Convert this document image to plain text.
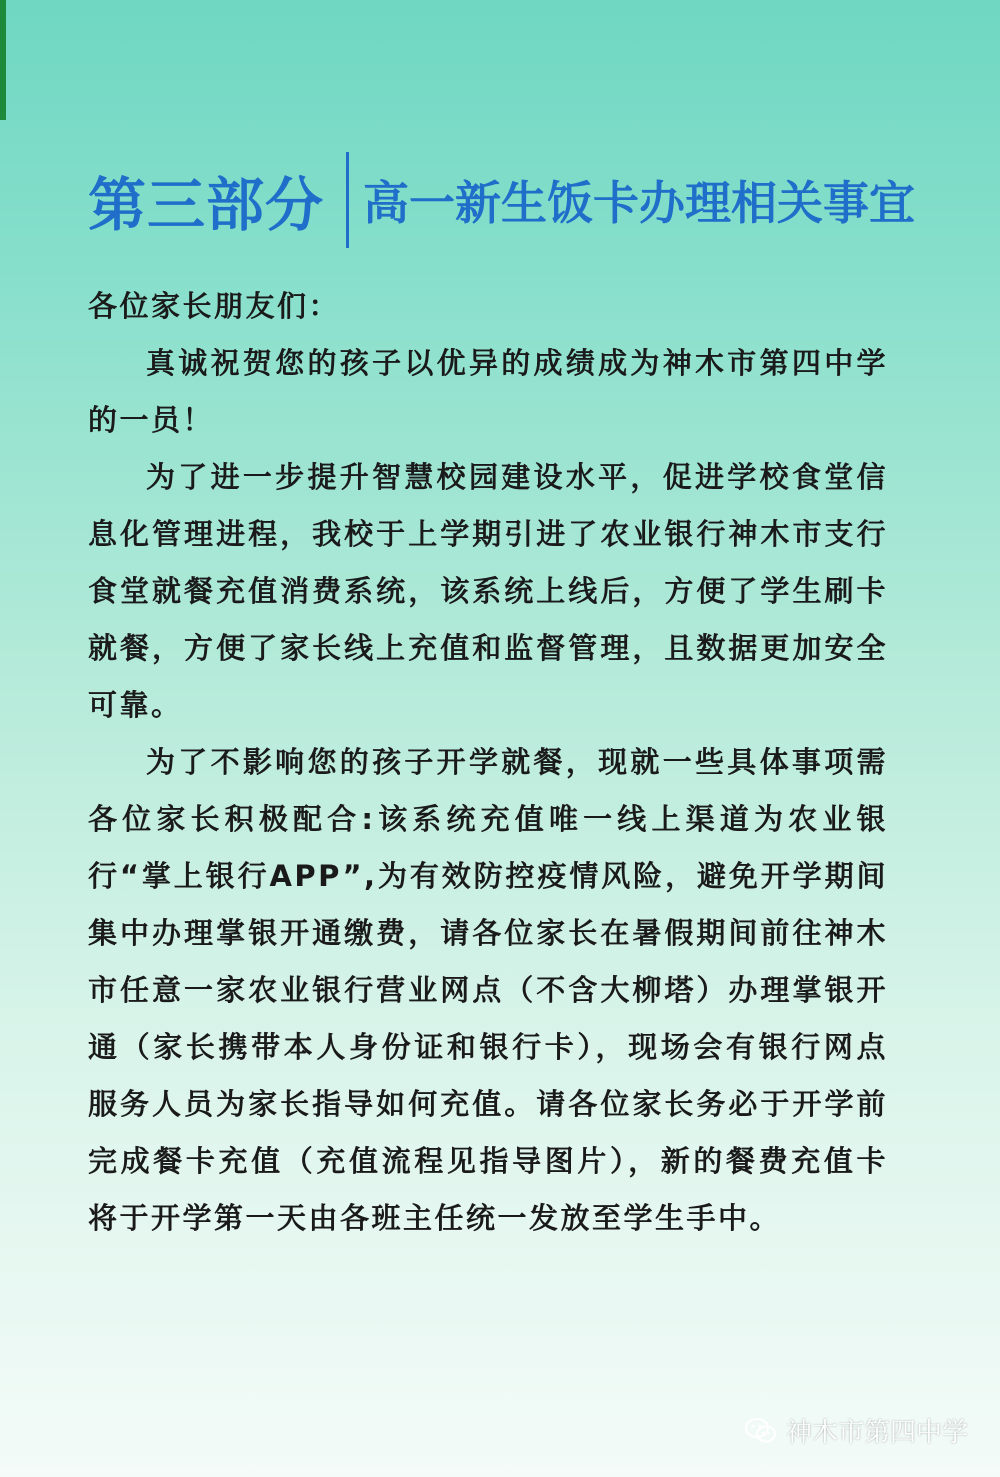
第三部分 高一新生饭卡办理相关事宜

各位家长朋友们：

真诚祝贺您的孩子以优异的成绩成为神木市第四中学的一员！

为了进一步提升智慧校园建设水平，促进学校食堂信息化管理进程，我校于上学期引进了农业银行神木市支行食堂就餐充值消费系统，该系统上线后，方便了学生刷卡就餐，方便了家长线上充值和监督管理，且数据更加安全可靠。

为了不影响您的孩子开学就餐，现就一些具体事项需各位家长积极配合:该系统充值唯一线上渠道为农业银行“掌上银行APP”,为有效防控疫情风险，避免开学期间集中办理掌银开通缴费，请各位家长在暑假期间前往神木市任意一家农业银行营业网点（不含大柳塔）办理掌银开通（家长携带本人身份证和银行卡），现场会有银行网点服务人员为家长指导如何充值。请各位家长务必于开学前完成餐卡充值（充值流程见指导图片），新的餐费充值卡将于开学第一天由各班主任统一发放至学生手中。

神木市第四中学
